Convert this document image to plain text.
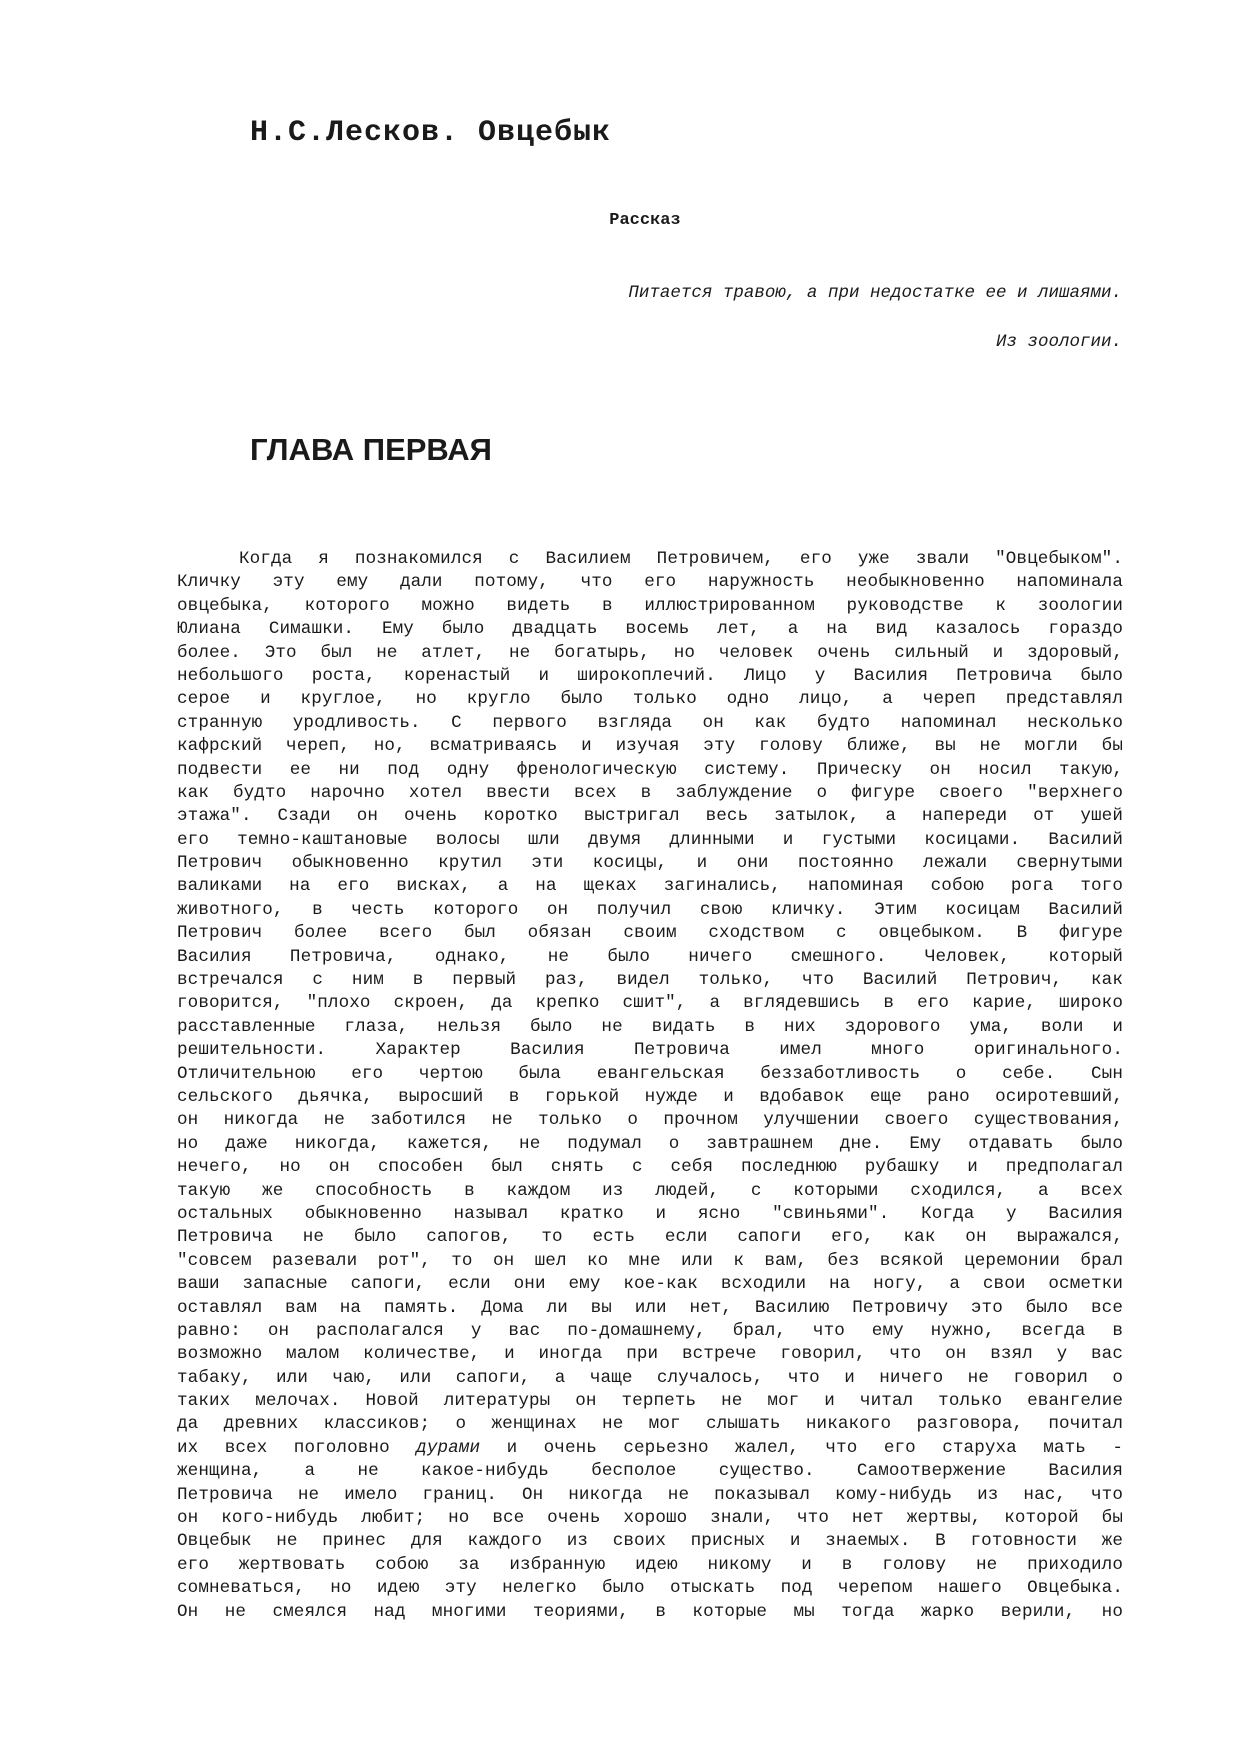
Н.С.Лесков. Овцебык
Рассказ
Питается травою, а при недостатке ее и лишаями.
Из зоологии.
ГЛАВА ПЕРВАЯ
Когда я познакомился с Василием Петровичем, его уже звали "Овцебыком".
Кличку эту ему дали потому, что его наружность необыкновенно напоминала
овцебыка, которого можно видеть в иллюстрированном руководстве к зоологии
Юлиана Симашки. Ему было двадцать восемь лет, а на вид казалось гораздо
более. Это был не атлет, не богатырь, но человек очень сильный и здоровый,
небольшого роста, коренастый и широкоплечий. Лицо у Василия Петровича было
серое и круглое, но кругло было только одно лицо, а череп представлял
странную уродливость. С первого взгляда он как будто напоминал несколько
кафрский череп, но, всматриваясь и изучая эту голову ближе, вы не могли бы
подвести ее ни под одну френологическую систему. Прическу он носил такую,
как будто нарочно хотел ввести всех в заблуждение о фигуре своего "верхнего
этажа". Сзади он очень коротко выстригал весь затылок, а напереди от ушей
его темно-каштановые волосы шли двумя длинными и густыми косицами. Василий
Петрович обыкновенно крутил эти косицы, и они постоянно лежали свернутыми
валиками на его висках, а на щеках загинались, напоминая собою рога того
животного, в честь которого он получил свою кличку. Этим косицам Василий
Петрович более всего был обязан своим сходством с овцебыком. В фигуре
Василия Петровича, однако, не было ничего смешного. Человек, который
встречался с ним в первый раз, видел только, что Василий Петрович, как
говорится, "плохо скроен, да крепко сшит", а вглядевшись в его карие, широко
расставленные глаза, нельзя было не видать в них здорового ума, воли и
решительности. Характер Василия Петровича имел много оригинального.
Отличительною его чертою была евангельская беззаботливость о себе. Сын
сельского дьячка, выросший в горькой нужде и вдобавок еще рано осиротевший,
он никогда не заботился не только о прочном улучшении своего существования,
но даже никогда, кажется, не подумал о завтрашнем дне. Ему отдавать было
нечего, но он способен был снять с себя последнюю рубашку и предполагал
такую же способность в каждом из людей, с которыми сходился, а всех
остальных обыкновенно называл кратко и ясно "свиньями". Когда у Василия
Петровича не было сапогов, то есть если сапоги его, как он выражался,
"совсем разевали рот", то он шел ко мне или к вам, без всякой церемонии брал
ваши запасные сапоги, если они ему кое-как всходили на ногу, а свои осметки
оставлял вам на память. Дома ли вы или нет, Василию Петровичу это было все
равно: он располагался у вас по-домашнему, брал, что ему нужно, всегда в
возможно малом количестве, и иногда при встрече говорил, что он взял у вас
табаку, или чаю, или сапоги, а чаще случалось, что и ничего не говорил о
таких мелочах. Новой литературы он терпеть не мог и читал только евангелие
да древних классиков; о женщинах не мог слышать никакого разговора, почитал
их всех поголовно дурами и очень серьезно жалел, что его старуха мать -
женщина, а не какое-нибудь бесполое существо. Самоотвержение Василия
Петровича не имело границ. Он никогда не показывал кому-нибудь из нас, что
он кого-нибудь любит; но все очень хорошо знали, что нет жертвы, которой бы
Овцебык не принес для каждого из своих присных и знаемых. В готовности же
его жертвовать собою за избранную идею никому и в голову не приходило
сомневаться, но идею эту нелегко было отыскать под черепом нашего Овцебыка.
Он не смеялся над многими теориями, в которые мы тогда жарко верили, но
